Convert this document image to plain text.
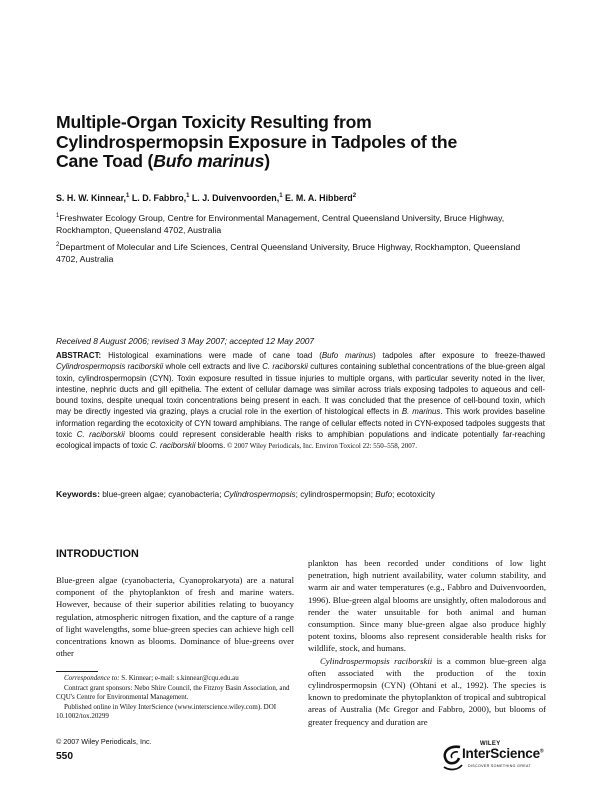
Multiple-Organ Toxicity Resulting from Cylindrospermopsin Exposure in Tadpoles of the Cane Toad (Bufo marinus)
S. H. W. Kinnear,$^1$ L. D. Fabbro,$^1$ L. J. Duivenvoorden,$^1$ E. M. A. Hibberd$^2$
$^1$Freshwater Ecology Group, Centre for Environmental Management, Central Queensland University, Bruce Highway, Rockhampton, Queensland 4702, Australia
$^2$Department of Molecular and Life Sciences, Central Queensland University, Bruce Highway, Rockhampton, Queensland 4702, Australia
Received 8 August 2006; revised 3 May 2007; accepted 12 May 2007
ABSTRACT: Histological examinations were made of cane toad (Bufo marinus) tadpoles after exposure to freeze-thawed Cylindrospermopsis raciborskii whole cell extracts and live C. raciborskii cultures containing sublethal concentrations of the blue-green algal toxin, cylindrospermopsin (CYN). Toxin exposure resulted in tissue injuries to multiple organs, with particular severity noted in the liver, intestine, nephric ducts and gill epithelia. The extent of cellular damage was similar across trials exposing tadpoles to aqueous and cell-bound toxins, despite unequal toxin concentrations being present in each. It was concluded that the presence of cell-bound toxin, which may be directly ingested via grazing, plays a crucial role in the exertion of histological effects in B. marinus. This work provides baseline information regarding the ecotoxicity of CYN toward amphibians. The range of cellular effects noted in CYN-exposed tadpoles suggests that toxic C. raciborskii blooms could represent considerable health risks to amphibian populations and indicate potentially far-reaching ecological impacts of toxic C. raciborskii blooms. © 2007 Wiley Periodicals, Inc. Environ Toxicol 22: 550–558, 2007.
Keywords: blue-green algae; cyanobacteria; Cylindrospermopsis; cylindrospermopsin; Bufo; ecotoxicity
INTRODUCTION

Blue-green algae (cyanobacteria, Cyanoprokaryota) are a natural component of the phytoplankton of fresh and marine waters. However, because of their superior abilities relating to buoyancy regulation, atmospheric nitrogen fixation, and the capture of a range of light wavelengths, some blue-green species can achieve high cell concentrations known as blooms. Dominance of blue-greens over other

plankton has been recorded under conditions of low light penetration, high nutrient availability, water column stability, and warm air and water temperatures (e.g., Fabbro and Duivenvoorden, 1996). Blue-green algal blooms are unsightly, often malodorous and render the water unsuitable for both animal and human consumption. Since many blue-green algae also produce highly potent toxins, blooms also represent considerable health risks for wildlife, stock, and humans.

Cylindrospermopsis raciborskii is a common blue-green alga often associated with the production of the toxin cylindrospermopsin (CYN) (Ohtani et al., 1992). The species is known to predominate the phytoplankton of tropical and subtropical areas of Australia (Mc Gregor and Fabbro, 2000), but blooms of greater frequency and duration are

Correspondence to: S. Kinnear; e-mail: s.kinnear@cqu.edu.au

Contract grant sponsors: Nebo Shire Council, the Fitzroy Basin Association, and CQU's Centre for Environmental Management.

Published online in Wiley InterScience (www.interscience.wiley.com). DOI 10.1002/tox.20299

© 2007 Wiley Periodicals, Inc.
550
WILEY
InterScience®
DISCOVER SOMETHING GREAT
